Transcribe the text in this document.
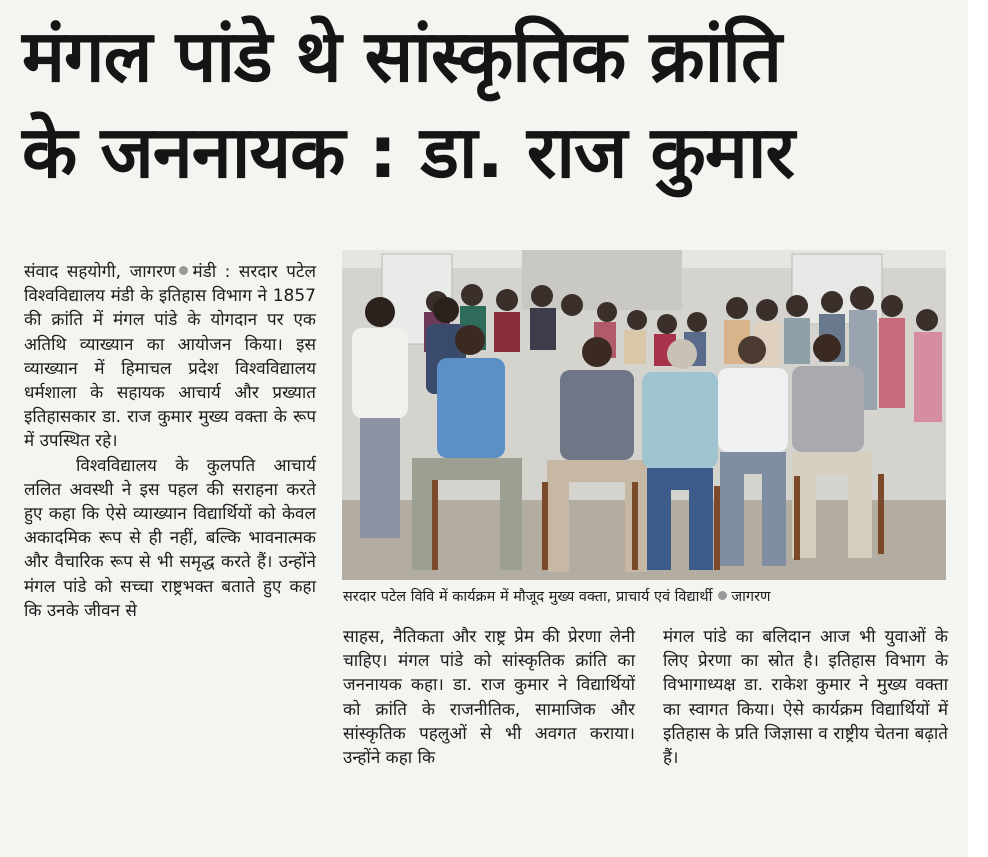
मंगल पांडे थे सांस्कृतिक क्रांति
के जननायक : डा. राज कुमार

संवाद सहयोगी, जागरण मंडी : सरदार पटेल विश्वविद्यालय मंडी के इतिहास विभाग ने 1857 की क्रांति में मंगल पांडे के योगदान पर एक अतिथि व्याख्यान का आयोजन किया। इस व्याख्यान में हिमाचल प्रदेश विश्वविद्यालय धर्मशाला के सहायक आचार्य और प्रख्यात इतिहासकार डा. राज कुमार मुख्य वक्ता के रूप में उपस्थित रहे।

विश्वविद्यालय के कुलपति आचार्य ललित अवस्थी ने इस पहल की सराहना करते हुए कहा कि ऐसे व्याख्यान विद्यार्थियों को केवल अकादमिक रूप से ही नहीं, बल्कि भावनात्मक और वैचारिक रूप से भी समृद्ध करते हैं। उन्होंने मंगल पांडे को सच्चा राष्ट्रभक्त बताते हुए कहा कि उनके जीवन से

सरदार पटेल विवि में कार्यक्रम में मौजूद मुख्य वक्ता, प्राचार्य एवं विद्यार्थी जागरण

साहस, नैतिकता और राष्ट्र प्रेम की प्रेरणा लेनी चाहिए। मंगल पांडे को सांस्कृतिक क्रांति का जननायक कहा। डा. राज कुमार ने विद्यार्थियों को क्रांति के राजनीतिक, सामाजिक और सांस्कृतिक पहलुओं से भी अवगत कराया। उन्होंने कहा कि

मंगल पांडे का बलिदान आज भी युवाओं के लिए प्रेरणा का स्रोत है। इतिहास विभाग के विभागाध्यक्ष डा. राकेश कुमार ने मुख्य वक्ता का स्वागत किया। ऐसे कार्यक्रम विद्यार्थियों में इतिहास के प्रति जिज्ञासा व राष्ट्रीय चेतना बढ़ाते हैं।
